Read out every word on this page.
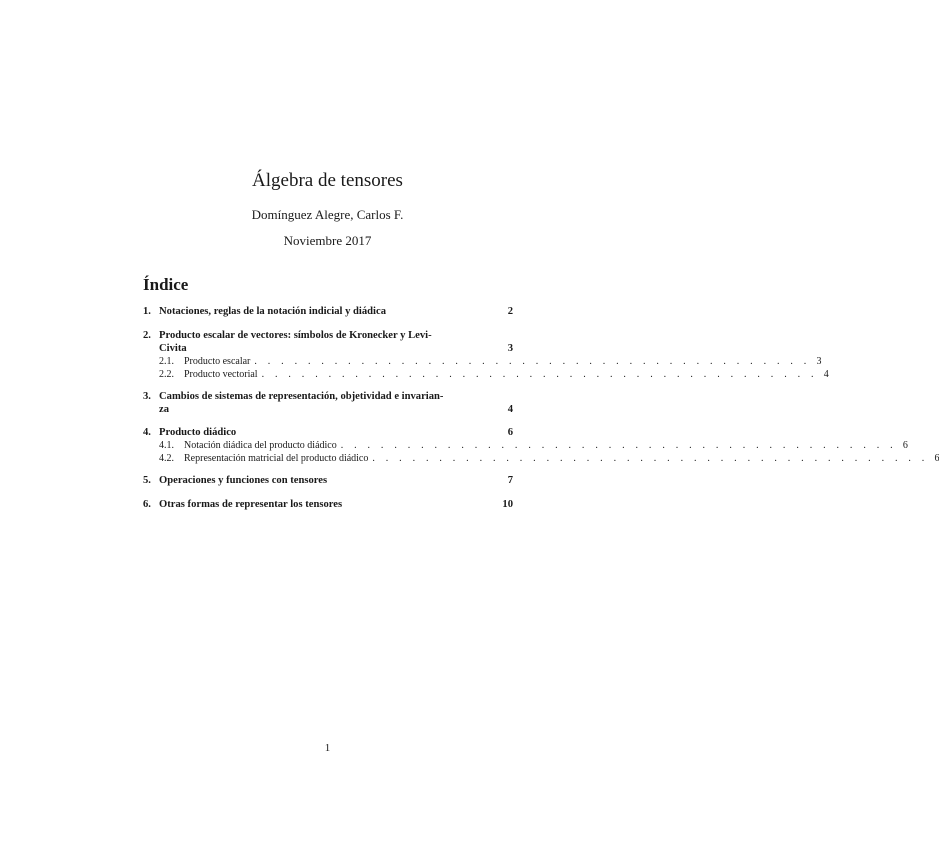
Álgebra de tensores
Domínguez Alegre, Carlos F.
Noviembre 2017
Índice
1. Notaciones, reglas de la notación indicial y diádica	2
2. Producto escalar de vectores: símbolos de Kronecker y Levi-
Civita	3
2.1.	Producto escalar . . . . . . . . . . . . . . . . . . . . . . . . . . . . . . . . . . . . . . . . . . 3
2.2.	Producto vectorial . . . . . . . . . . . . . . . . . . . . . . . . . . . . . . . . . . . . . . . . . . 4
3. Cambios de sistemas de representación, objetividad e invarian-
za	4
4. Producto diádico	6
4.1.	Notación diádica del producto diádico . . . . . . . . . . . . . . . . . . . . . . . . . . . . . . . . . . . . . . . . . . 6
4.2.	Representación matricial del producto diádico . . . . . . . . . . . . . . . . . . . . . . . . . . . . . . . . . . . . . . . . . . 6
5. Operaciones y funciones con tensores	7
6. Otras formas de representar los tensores	10
1
